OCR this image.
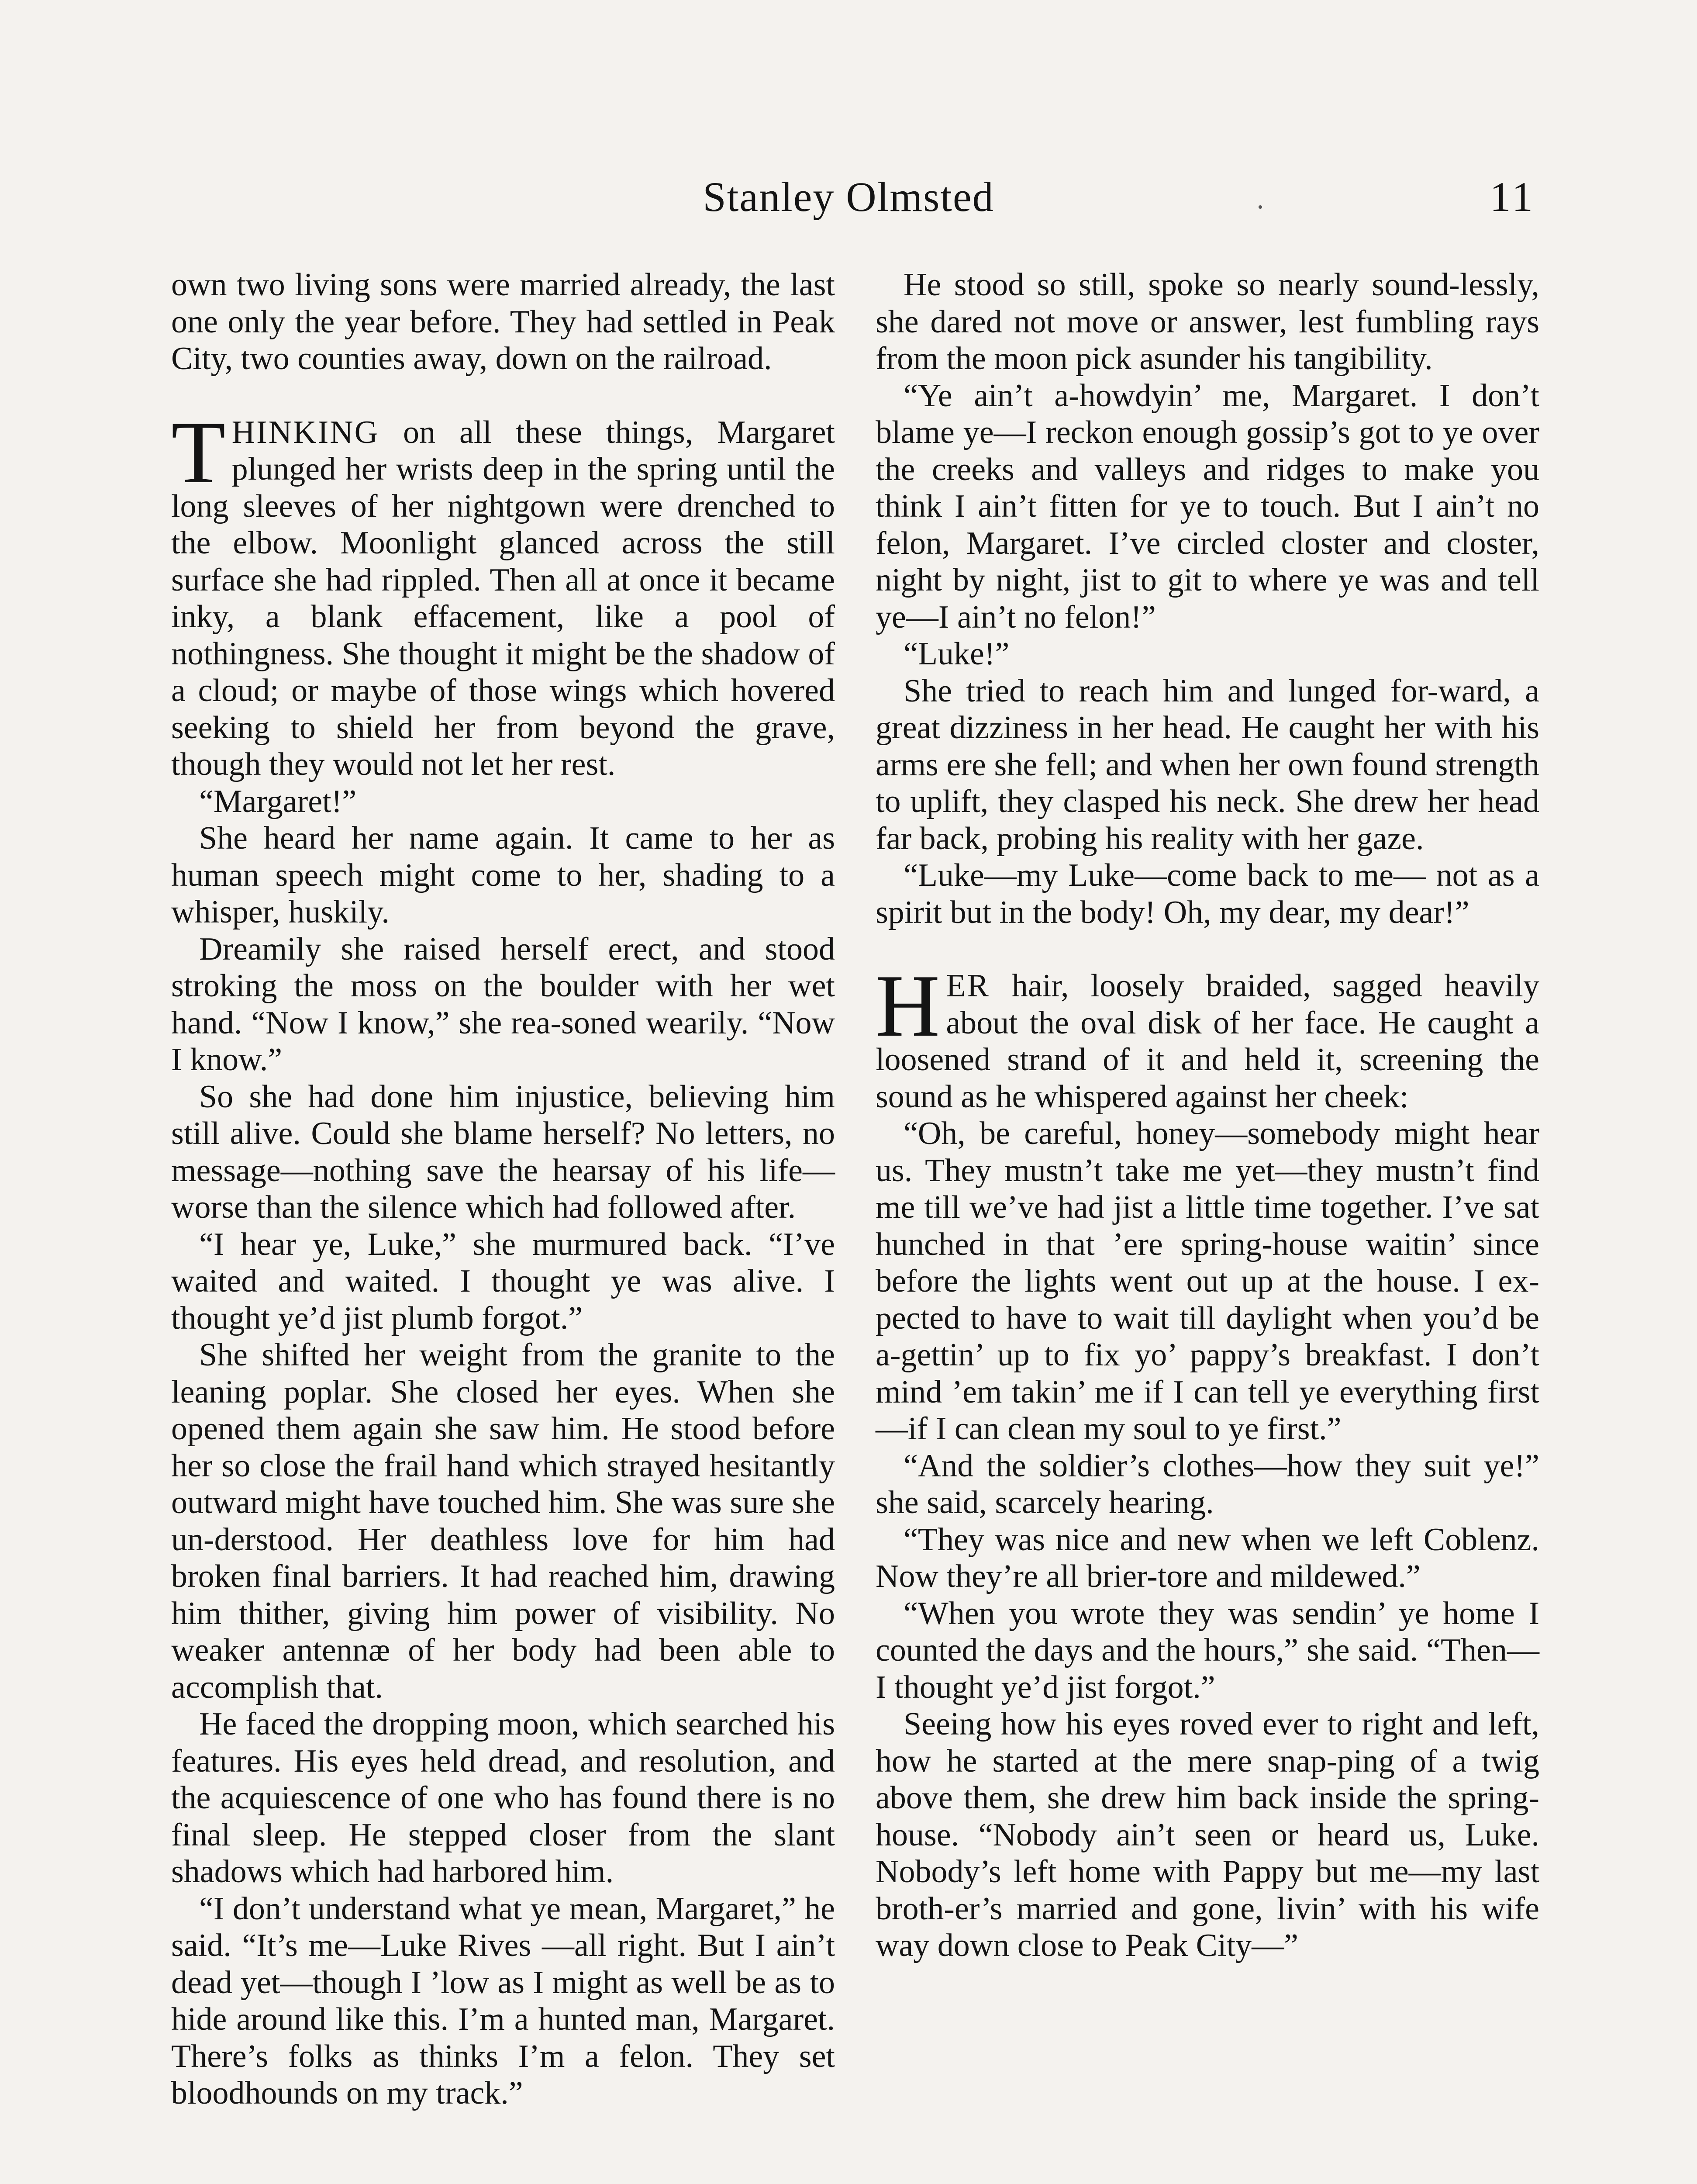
Stanley Olmsted	11

own two living sons were married already, the last one only the year before. They had settled in Peak City, two counties away, down on the railroad.

THINKING on all these things, Margaret plunged her wrists deep in the spring until the long sleeves of her nightgown were drenched to the elbow. Moonlight glanced across the still surface she had rippled. Then all at once it became inky, a blank effacement, like a pool of nothingness. She thought it might be the shadow of a cloud; or maybe of those wings which hovered seeking to shield her from beyond the grave, though they would not let her rest.

“Margaret!”

She heard her name again. It came to her as human speech might come to her, shading to a whisper, huskily.

Dreamily she raised herself erect, and stood stroking the moss on the boulder with her wet hand. “Now I know,” she rea-soned wearily. “Now I know.”

So she had done him injustice, believing him still alive. Could she blame herself? No letters, no message—nothing save the hearsay of his life—worse than the silence which had followed after.

“I hear ye, Luke,” she murmured back. “I’ve waited and waited. I thought ye was alive. I thought ye’d jist plumb forgot.”

She shifted her weight from the granite to the leaning poplar. She closed her eyes. When she opened them again she saw him. He stood before her so close the frail hand which strayed hesitantly outward might have touched him. She was sure she un-derstood. Her deathless love for him had broken final barriers. It had reached him, drawing him thither, giving him power of visibility. No weaker antennæ of her body had been able to accomplish that.

He faced the dropping moon, which searched his features. His eyes held dread, and resolution, and the acquiescence of one who has found there is no final sleep. He stepped closer from the slant shadows which had harbored him.

“I don’t understand what ye mean, Margaret,” he said. “It’s me—Luke Rives —all right. But I ain’t dead yet—though I ’low as I might as well be as to hide around like this. I’m a hunted man, Margaret. There’s folks as thinks I’m a felon. They set bloodhounds on my track.”

He stood so still, spoke so nearly sound-lessly, she dared not move or answer, lest fumbling rays from the moon pick asunder his tangibility.

“Ye ain’t a-howdyin’ me, Margaret. I don’t blame ye—I reckon enough gossip’s got to ye over the creeks and valleys and ridges to make you think I ain’t fitten for ye to touch. But I ain’t no felon, Margaret. I’ve circled closter and closter, night by night, jist to git to where ye was and tell ye—I ain’t no felon!”

“Luke!”

She tried to reach him and lunged for-ward, a great dizziness in her head. He caught her with his arms ere she fell; and when her own found strength to uplift, they clasped his neck. She drew her head far back, probing his reality with her gaze.

“Luke—my Luke—come back to me— not as a spirit but in the body! Oh, my dear, my dear!”

HER hair, loosely braided, sagged heavily about the oval disk of her face. He caught a loosened strand of it and held it, screening the sound as he whispered against her cheek:

“Oh, be careful, honey—somebody might hear us. They mustn’t take me yet—they mustn’t find me till we’ve had jist a little time together. I’ve sat hunched in that ’ere spring-house waitin’ since before the lights went out up at the house. I ex-pected to have to wait till daylight when you’d be a-gettin’ up to fix yo’ pappy’s breakfast. I don’t mind ’em takin’ me if I can tell ye everything first—if I can clean my soul to ye first.”

“And the soldier’s clothes—how they suit ye!” she said, scarcely hearing.

“They was nice and new when we left Coblenz. Now they’re all brier-tore and mildewed.”

“When you wrote they was sendin’ ye home I counted the days and the hours,” she said. “Then—I thought ye’d jist forgot.”

Seeing how his eyes roved ever to right and left, how he started at the mere snap-ping of a twig above them, she drew him back inside the spring-house. “Nobody ain’t seen or heard us, Luke. Nobody’s left home with Pappy but me—my last broth-er’s married and gone, livin’ with his wife way down close to Peak City—”
